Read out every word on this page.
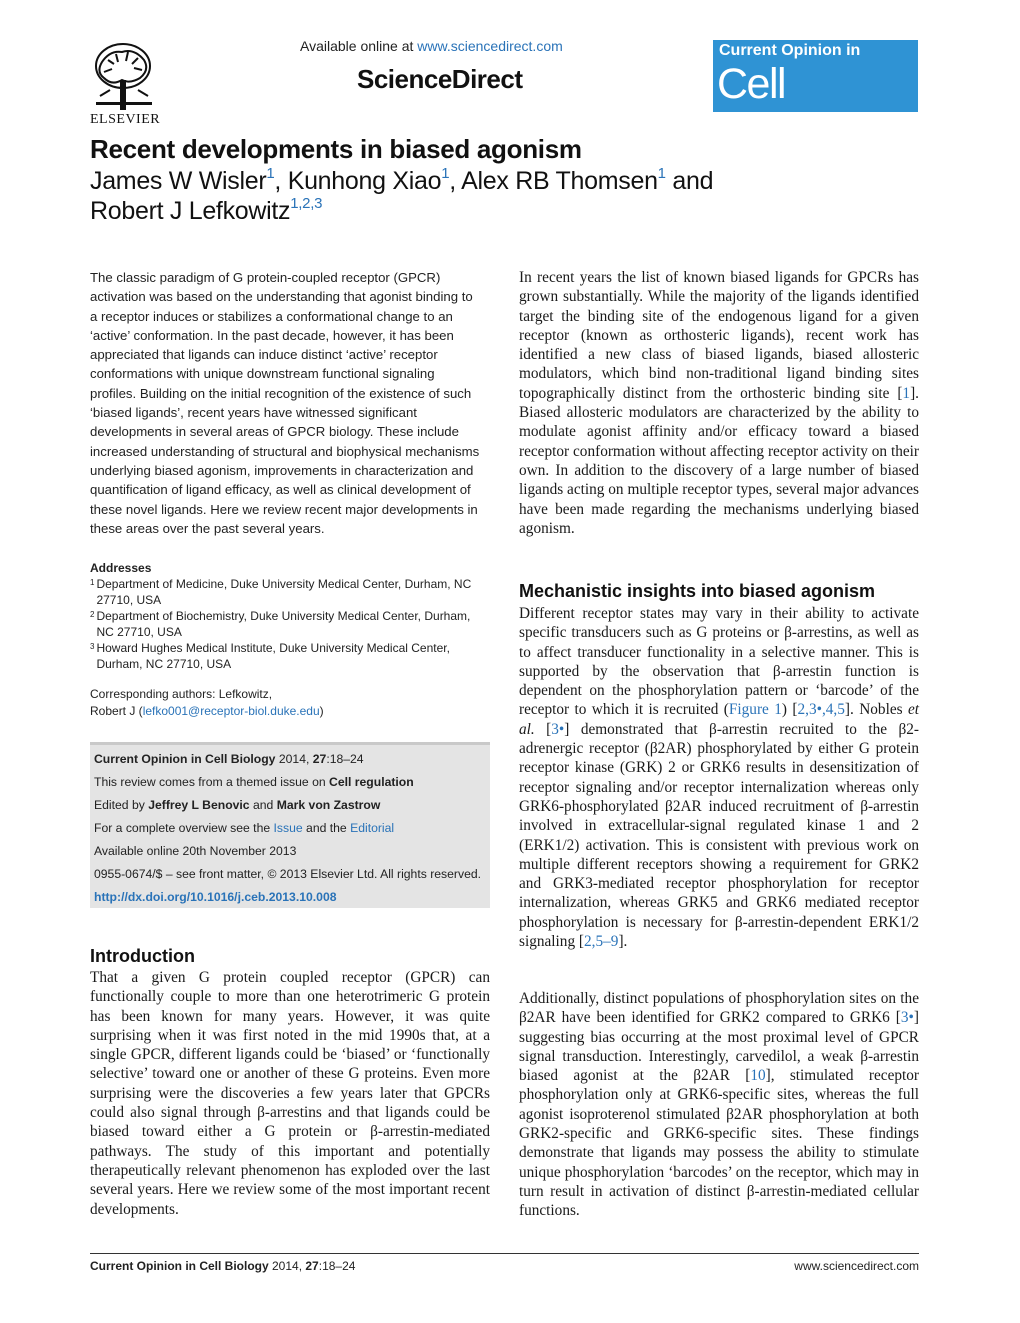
ELSEVIER
Available online at www.sciencedirect.com
ScienceDirect
Current Opinion in
Cell Biology
Recent developments in biased agonism
James W Wisler$^1$, Kunhong Xiao$^1$, Alex RB Thomsen$^1$ and
Robert J Lefkowitz$^{1,2,3}$
The classic paradigm of G protein-coupled receptor (GPCR) activation was based on the understanding that agonist binding to a receptor induces or stabilizes a conformational change to an ‘active’ conformation. In the past decade, however, it has been appreciated that ligands can induce distinct ‘active’ receptor conformations with unique downstream functional signaling profiles. Building on the initial recognition of the existence of such ‘biased ligands’, recent years have witnessed significant developments in several areas of GPCR biology. These include increased understanding of structural and biophysical mechanisms underlying biased agonism, improvements in characterization and quantification of ligand efficacy, as well as clinical development of these novel ligands. Here we review recent major developments in these areas over the past several years.
Addresses
1 Department of Medicine, Duke University Medical Center, Durham, NC 27710, USA
2 Department of Biochemistry, Duke University Medical Center, Durham, NC 27710, USA
3 Howard Hughes Medical Institute, Duke University Medical Center, Durham, NC 27710, USA
Corresponding authors: Lefkowitz,
Robert J (lefko001@receptor-biol.duke.edu)
Current Opinion in Cell Biology 2014, 27:18–24
This review comes from a themed issue on Cell regulation
Edited by Jeffrey L Benovic and Mark von Zastrow
For a complete overview see the Issue and the Editorial
Available online 20th November 2013
0955-0674/$ – see front matter, © 2013 Elsevier Ltd. All rights reserved.
http://dx.doi.org/10.1016/j.ceb.2013.10.008
Introduction
That a given G protein coupled receptor (GPCR) can functionally couple to more than one heterotrimeric G protein has been known for many years. However, it was quite surprising when it was first noted in the mid 1990s that, at a single GPCR, different ligands could be ‘biased’ or ‘functionally selective’ toward one or another of these G proteins. Even more surprising were the discoveries a few years later that GPCRs could also signal through β-arrestins and that ligands could be biased toward either a G protein or β-arrestin-mediated pathways. The study of this important and potentially therapeutically relevant phenomenon has exploded over the last several years. Here we review some of the most important recent developments.
In recent years the list of known biased ligands for GPCRs has grown substantially. While the majority of the ligands identified target the binding site of the endogenous ligand for a given receptor (known as orthosteric ligands), recent work has identified a new class of biased ligands, biased allosteric modulators, which bind non-traditional ligand binding sites topographically distinct from the orthosteric binding site [1]. Biased allosteric modulators are characterized by the ability to modulate agonist affinity and/or efficacy toward a biased receptor conformation without affecting receptor activity on their own. In addition to the discovery of a large number of biased ligands acting on multiple receptor types, several major advances have been made regarding the mechanisms underlying biased agonism.
Mechanistic insights into biased agonism
Different receptor states may vary in their ability to activate specific transducers such as G proteins or β-arrestins, as well as to affect transducer functionality in a selective manner. This is supported by the observation that β-arrestin function is dependent on the phosphorylation pattern or ‘barcode’ of the receptor to which it is recruited (Figure 1) [2,3•,4,5]. Nobles et al. [3•] demonstrated that β-arrestin recruited to the β2-adrenergic receptor (β2AR) phosphorylated by either G protein receptor kinase (GRK) 2 or GRK6 results in desensitization of receptor signaling and/or receptor internalization whereas only GRK6-phosphorylated β2AR induced recruitment of β-arrestin involved in extracellular-signal regulated kinase 1 and 2 (ERK1/2) activation. This is consistent with previous work on multiple different receptors showing a requirement for GRK2 and GRK3-mediated receptor phosphorylation for receptor internalization, whereas GRK5 and GRK6 mediated receptor phosphorylation is necessary for β-arrestin-dependent ERK1/2 signaling [2,5–9].
Additionally, distinct populations of phosphorylation sites on the β2AR have been identified for GRK2 compared to GRK6 [3•] suggesting bias occurring at the most proximal level of GPCR signal transduction. Interestingly, carvedilol, a weak β-arrestin biased agonist at the β2AR [10], stimulated receptor phosphorylation only at GRK6-specific sites, whereas the full agonist isoproterenol stimulated β2AR phosphorylation at both GRK2-specific and GRK6-specific sites. These findings demonstrate that ligands may possess the ability to stimulate unique phosphorylation ‘barcodes’ on the receptor, which may in turn result in activation of distinct β-arrestin-mediated cellular functions.
Current Opinion in Cell Biology 2014, 27:18–24	www.sciencedirect.com
